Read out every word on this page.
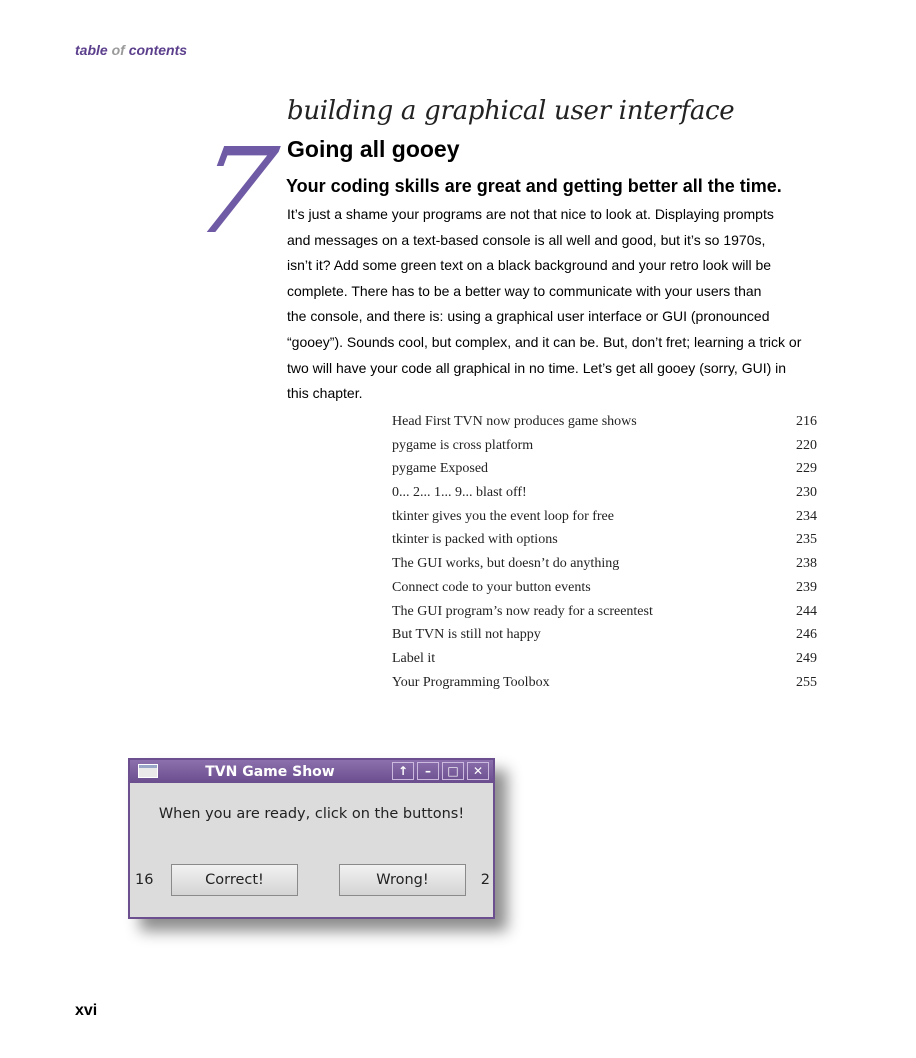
table of contents
7
building a graphical user interface
Going all gooey
Your coding skills are great and getting better all the time.
It’s just a shame your programs are not that nice to look at. Displaying prompts
and messages on a text-based console is all well and good, but it’s so 1970s,
isn’t it? Add some green text on a black background and your retro look will be
complete. There has to be a better way to communicate with your users than
the console, and there is: using a graphical user interface or GUI (pronounced
“gooey”). Sounds cool, but complex, and it can be. But, don’t fret; learning a trick or
two will have your code all graphical in no time. Let’s get all gooey (sorry, GUI) in
this chapter.
Head First TVN now produces game shows	216
pygame is cross platform	220
pygame Exposed	229
0... 2... 1... 9... blast off!	230
tkinter gives you the event loop for free	234
tkinter is packed with options	235
The GUI works, but doesn’t do anything	238
Connect code to your button events	239
The GUI program’s now ready for a screentest	244
But TVN is still not happy	246
Label it	249
Your Programming Toolbox	255
TVN Game Show	↑	–	□	✕
When you are ready, click on the buttons!
16	Correct!	Wrong!	2
xvi
